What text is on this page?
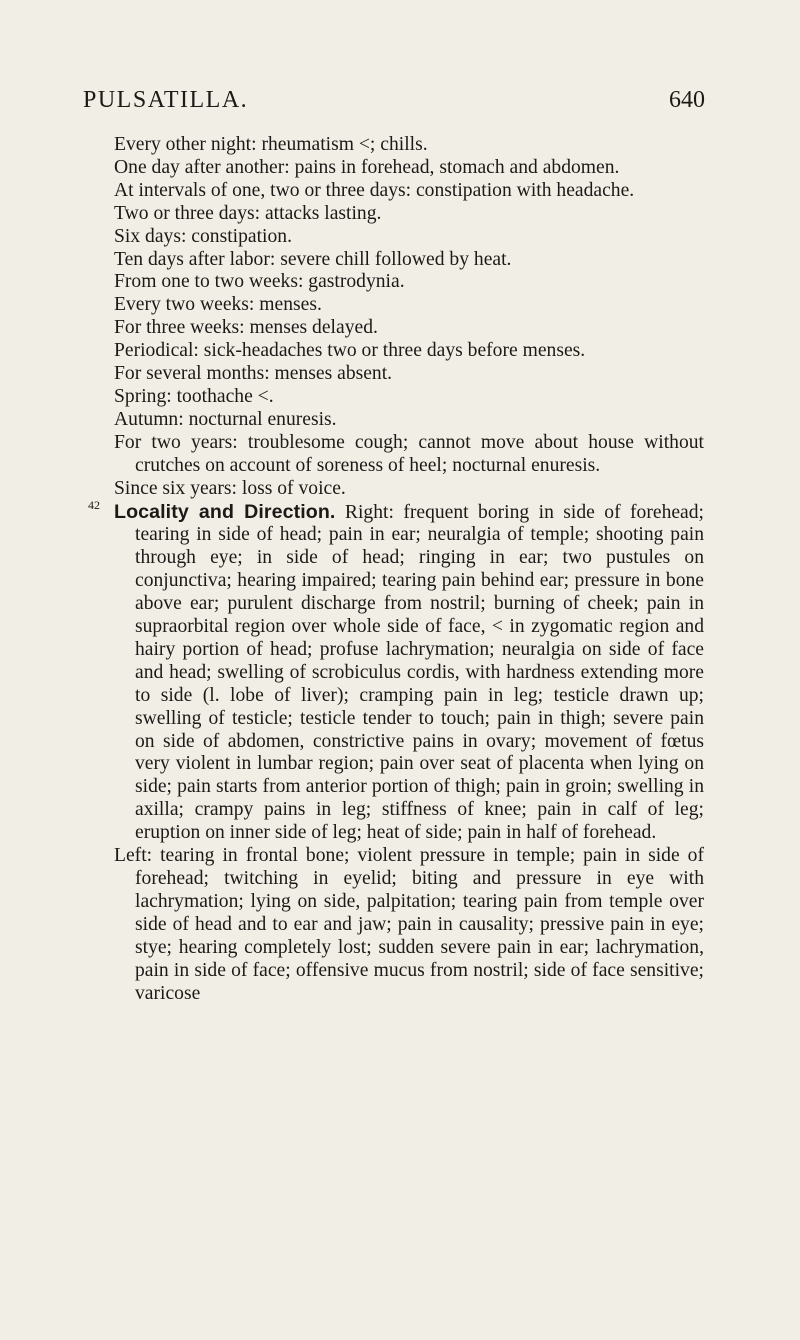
PULSATILLA.	640

Every other night: rheumatism <; chills.

One day after another: pains in forehead, stomach and abdomen.

At intervals of one, two or three days: constipation with headache.

Two or three days: attacks lasting.

Six days: constipation.

Ten days after labor: severe chill followed by heat.

From one to two weeks: gastrodynia.

Every two weeks: menses.

For three weeks: menses delayed.

Periodical: sick-headaches two or three days before menses.

For several months: menses absent.

Spring: toothache <.

Autumn: nocturnal enuresis.

For two years: troublesome cough; cannot move about house without crutches on account of soreness of heel; nocturnal enuresis.

Since six years: loss of voice.

42 Locality and Direction. Right: frequent boring in side of forehead; tearing in side of head; pain in ear; neuralgia of temple; shooting pain through eye; in side of head; ringing in ear; two pustules on conjunctiva; hearing impaired; tearing pain behind ear; pressure in bone above ear; purulent discharge from nostril; burning of cheek; pain in supraorbital region over whole side of face, < in zygomatic region and hairy portion of head; profuse lachrymation; neuralgia on side of face and head; swelling of scrobiculus cordis, with hardness extending more to side (l. lobe of liver); cramping pain in leg; testicle drawn up; swelling of testicle; testicle tender to touch; pain in thigh; severe pain on side of abdomen, constrictive pains in ovary; movement of fœtus very violent in lumbar region; pain over seat of placenta when lying on side; pain starts from anterior portion of thigh; pain in groin; swelling in axilla; crampy pains in leg; stiffness of knee; pain in calf of leg; eruption on inner side of leg; heat of side; pain in half of forehead.

Left: tearing in frontal bone; violent pressure in temple; pain in side of forehead; twitching in eyelid; biting and pressure in eye with lachrymation; lying on side, palpitation; tearing pain from temple over side of head and to ear and jaw; pain in causality; pressive pain in eye; stye; hearing completely lost; sudden severe pain in ear; lachrymation, pain in side of face; offensive mucus from nostril; side of face sensitive; varicose
